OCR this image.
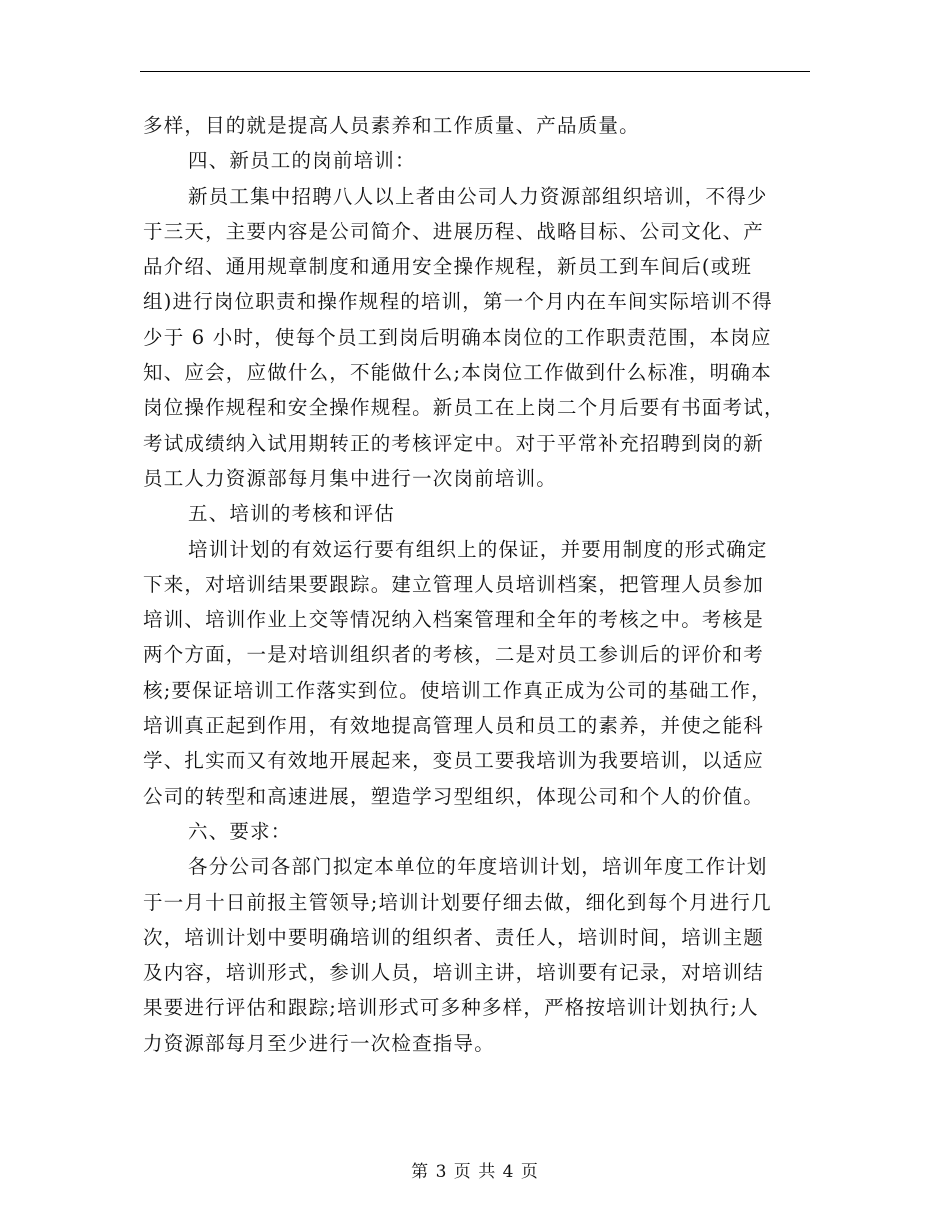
多样，目的就是提高人员素养和工作质量、产品质量。
四、新员工的岗前培训：
新员工集中招聘八人以上者由公司人力资源部组织培训，不得少
于三天，主要内容是公司简介、进展历程、战略目标、公司文化、产
品介绍、通用规章制度和通用安全操作规程，新员工到车间后(或班
组)进行岗位职责和操作规程的培训，第一个月内在车间实际培训不得
少于 6 小时，使每个员工到岗后明确本岗位的工作职责范围，本岗应
知、应会，应做什么，不能做什么;本岗位工作做到什么标准，明确本
岗位操作规程和安全操作规程。新员工在上岗二个月后要有书面考试，
考试成绩纳入试用期转正的考核评定中。对于平常补充招聘到岗的新
员工人力资源部每月集中进行一次岗前培训。
五、培训的考核和评估
培训计划的有效运行要有组织上的保证，并要用制度的形式确定
下来，对培训结果要跟踪。建立管理人员培训档案，把管理人员参加
培训、培训作业上交等情况纳入档案管理和全年的考核之中。考核是
两个方面，一是对培训组织者的考核，二是对员工参训后的评价和考
核;要保证培训工作落实到位。使培训工作真正成为公司的基础工作，
培训真正起到作用，有效地提高管理人员和员工的素养，并使之能科
学、扎实而又有效地开展起来，变员工要我培训为我要培训，以适应
公司的转型和高速进展，塑造学习型组织，体现公司和个人的价值。
六、要求：
各分公司各部门拟定本单位的年度培训计划，培训年度工作计划
于一月十日前报主管领导;培训计划要仔细去做，细化到每个月进行几
次，培训计划中要明确培训的组织者、责任人，培训时间，培训主题
及内容，培训形式，参训人员，培训主讲，培训要有记录，对培训结
果要进行评估和跟踪;培训形式可多种多样，严格按培训计划执行;人
力资源部每月至少进行一次检查指导。
第 3 页 共 4 页
